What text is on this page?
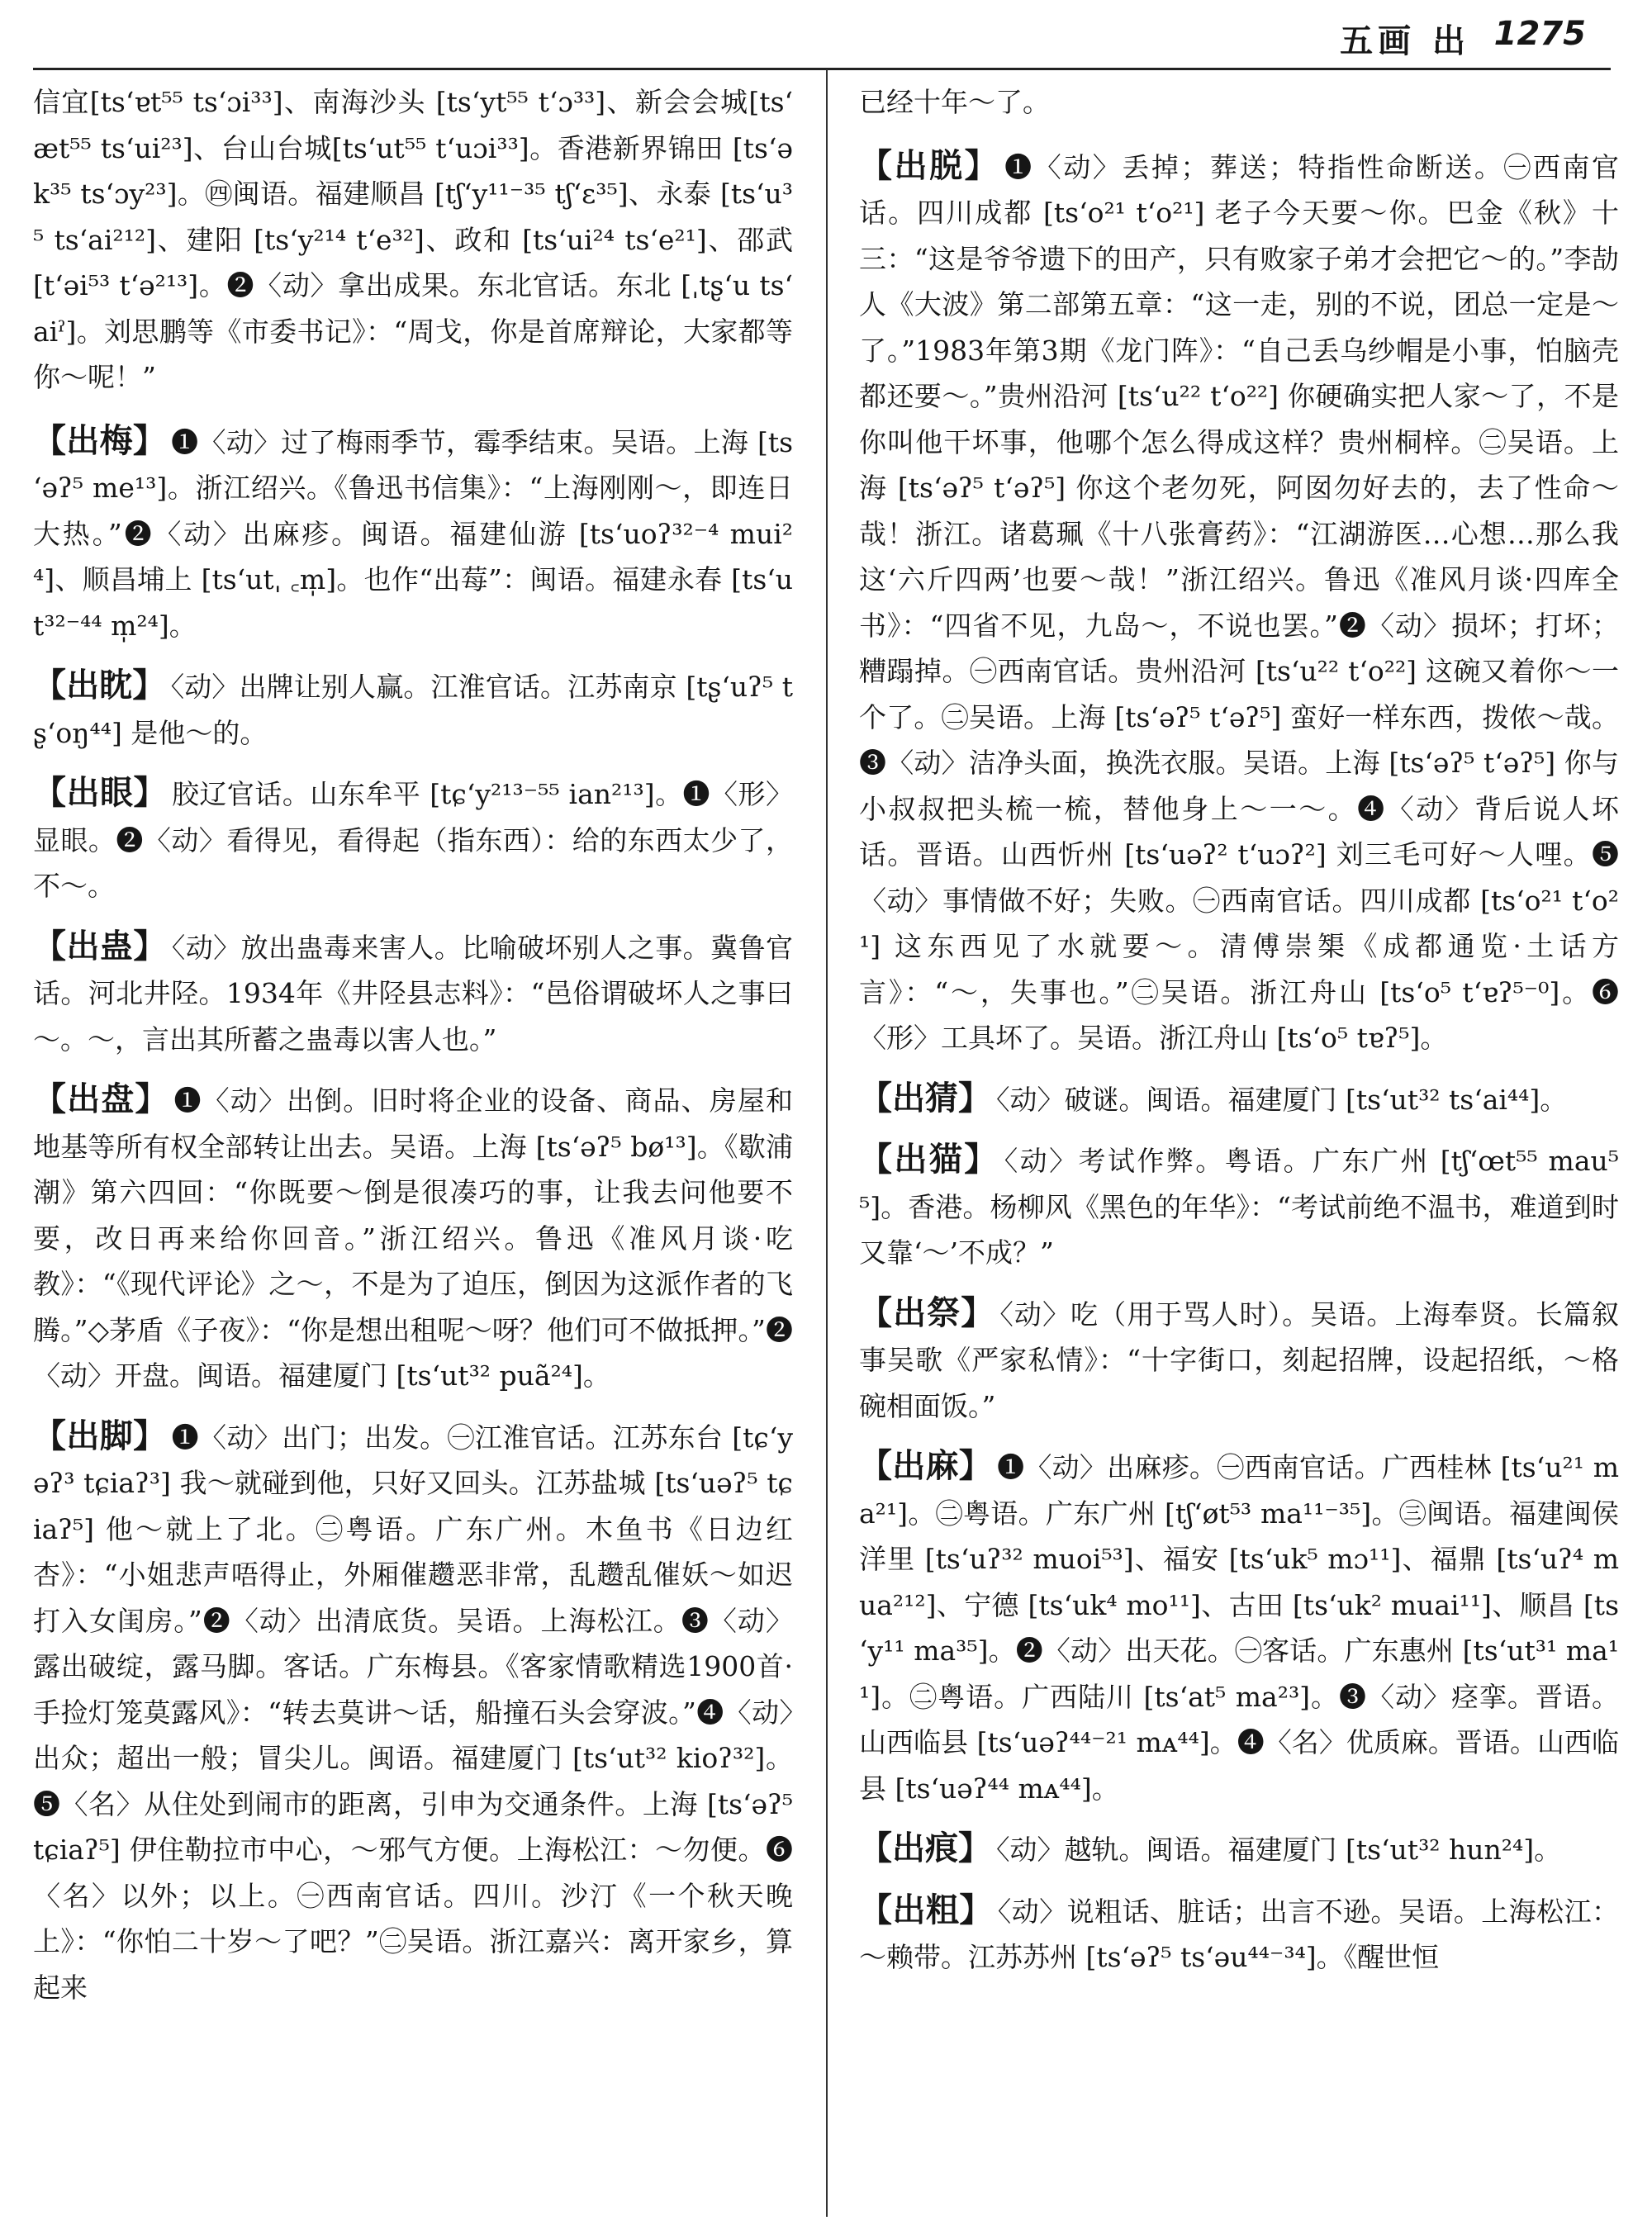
五画 出 1275

信宜[tsʻɐt⁵⁵ tsʻɔi³³]、南海沙头 [tsʻyt⁵⁵ tʻɔ³³]、新会会城[tsʻæt⁵⁵ tsʻui²³]、台山台城[tsʻut⁵⁵ tʻuɔi³³]。香港新界锦田 [tsʻək³⁵ tsʻɔy²³]。㊃闽语。福建顺昌 [tʃʻy¹¹⁻³⁵ tʃʻɛ³⁵]、永泰 [tsʻu³⁵ tsʻai²¹²]、建阳 [tsʻy²¹⁴ tʻe³²]、政和 [tsʻui²⁴ tsʻe²¹]、邵武 [tʻəi⁵³ tʻə²¹³]。❷〈动〉拿出成果。东北官话。东北 [ˌtʂʻu tsʻaiˀ]。刘思鹏等《市委书记》：“周戈，你是首席辩论，大家都等你～呢！”

【出梅】 ❶〈动〉过了梅雨季节，霉季结束。吴语。上海 [tsʻəʔ⁵ me¹³]。浙江绍兴。《鲁迅书信集》：“上海刚刚～，即连日大热。”❷〈动〉出麻疹。闽语。福建仙游 [tsʻuoʔ³²⁻⁴ mui²⁴]、顺昌埔上 [tsʻutˌ ꜀m̩]。也作“出莓”：闽语。福建永春 [tsʻut³²⁻⁴⁴ m̩²⁴]。

【出眈】 〈动〉出牌让别人赢。江淮官话。江苏南京 [tʂʻuʔ⁵ tʂʻoŋ⁴⁴] 是他～的。

【出眼】 胶辽官话。山东牟平 [tɕʻy²¹³⁻⁵⁵ ian²¹³]。❶〈形〉显眼。❷〈动〉看得见，看得起（指东西）：给的东西太少了，不～。

【出蛊】 〈动〉放出蛊毒来害人。比喻破坏别人之事。冀鲁官话。河北井陉。1934年《井陉县志料》：“邑俗谓破坏人之事曰～。～，言出其所蓄之蛊毒以害人也。”

【出盘】 ❶〈动〉出倒。旧时将企业的设备、商品、房屋和地基等所有权全部转让出去。吴语。上海 [tsʻəʔ⁵ bø¹³]。《歇浦潮》第六四回：“你既要～倒是很凑巧的事，让我去问他要不要，改日再来给你回音。”浙江绍兴。鲁迅《准风月谈·吃教》：“《现代评论》之～，不是为了迫压，倒因为这派作者的飞腾。”◇茅盾《子夜》：“你是想出租呢～呀？他们可不做抵押。”❷〈动〉开盘。闽语。福建厦门 [tsʻut³² puã²⁴]。

【出脚】 ❶〈动〉出门；出发。㊀江淮官话。江苏东台 [tɕʻyəʔ³ tɕiaʔ³] 我～就碰到他，只好又回头。江苏盐城 [tsʻuəʔ⁵ tɕiaʔ⁵] 他～就上了北。㊁粤语。广东广州。木鱼书《日边红杏》：“小姐悲声唔得止，外厢催趱恶非常，乱趱乱催妖～如迟打入女闺房。”❷〈动〉出清底货。吴语。上海松江。❸〈动〉露出破绽，露马脚。客话。广东梅县。《客家情歌精选1900首·手捡灯笼莫露风》：“转去莫讲～话，船撞石头会穿波。”❹〈动〉出众；超出一般；冒尖儿。闽语。福建厦门 [tsʻut³² kioʔ³²]。❺〈名〉从住处到闹市的距离，引申为交通条件。上海 [tsʻəʔ⁵ tɕiaʔ⁵] 伊住勒拉市中心，～邪气方便。上海松江：～勿便。❻〈名〉以外；以上。㊀西南官话。四川。沙汀《一个秋天晚上》：“你怕二十岁～了吧？”㊁吴语。浙江嘉兴：离开家乡，算起来

已经十年～了。

【出脱】 ❶〈动〉丢掉；葬送；特指性命断送。㊀西南官话。四川成都 [tsʻo²¹ tʻo²¹] 老子今天要～你。巴金《秋》十三：“这是爷爷遗下的田产，只有败家子弟才会把它～的。”李劼人《大波》第二部第五章：“这一走，别的不说，团总一定是～了。”1983年第3期《龙门阵》：“自己丢乌纱帽是小事，怕脑壳都还要～。”贵州沿河 [tsʻu²² tʻo²²] 你硬确实把人家～了，不是你叫他干坏事，他哪个怎么得成这样？贵州桐梓。㊁吴语。上海 [tsʻəʔ⁵ tʻəʔ⁵] 你这个老勿死，阿囡勿好去的，去了性命～哉！浙江。诸葛珮《十八张膏药》：“江湖游医…心想…那么我这‘六斤四两’也要～哉！”浙江绍兴。鲁迅《准风月谈·四库全书》：“四省不见，九岛～，不说也罢。”❷〈动〉损坏；打坏；糟蹋掉。㊀西南官话。贵州沿河 [tsʻu²² tʻo²²] 这碗又着你～一个了。㊁吴语。上海 [tsʻəʔ⁵ tʻəʔ⁵] 蛮好一样东西，拨侬～哉。❸〈动〉洁净头面，换洗衣服。吴语。上海 [tsʻəʔ⁵ tʻəʔ⁵] 你与小叔叔把头梳一梳，替他身上～一～。❹〈动〉背后说人坏话。晋语。山西忻州 [tsʻuəʔ² tʻuɔʔ²] 刘三毛可好～人哩。❺〈动〉事情做不好；失败。㊀西南官话。四川成都 [tsʻo²¹ tʻo²¹] 这东西见了水就要～。清傅崇榘《成都通览·土话方言》：“～，失事也。”㊁吴语。浙江舟山 [tsʻo⁵ tʻɐʔ⁵⁻⁰]。❻〈形〉工具坏了。吴语。浙江舟山 [tsʻo⁵ tɐʔ⁵]。

【出猜】 〈动〉破谜。闽语。福建厦门 [tsʻut³² tsʻai⁴⁴]。

【出猫】 〈动〉考试作弊。粤语。广东广州 [tʃʻœt⁵⁵ mau⁵⁵]。香港。杨柳风《黑色的年华》：“考试前绝不温书，难道到时又靠‘～’不成？”

【出祭】 〈动〉吃（用于骂人时）。吴语。上海奉贤。长篇叙事吴歌《严家私情》：“十字街口，刻起招牌，设起招纸，～格碗相面饭。”

【出麻】 ❶〈动〉出麻疹。㊀西南官话。广西桂林 [tsʻu²¹ ma²¹]。㊁粤语。广东广州 [tʃʻøt⁵³ ma¹¹⁻³⁵]。㊂闽语。福建闽侯洋里 [tsʻuʔ³² muoi⁵³]、福安 [tsʻuk⁵ mɔ¹¹]、福鼎 [tsʻuʔ⁴ mua²¹²]、宁德 [tsʻuk⁴ mo¹¹]、古田 [tsʻuk² muai¹¹]、顺昌 [tsʻy¹¹ ma³⁵]。❷〈动〉出天花。㊀客话。广东惠州 [tsʻut³¹ ma¹¹]。㊁粤语。广西陆川 [tsʻat⁵ ma²³]。❸〈动〉痉挛。晋语。山西临县 [tsʻuəʔ⁴⁴⁻²¹ mᴀ⁴⁴]。❹〈名〉优质麻。晋语。山西临县 [tsʻuəʔ⁴⁴ mᴀ⁴⁴]。

【出痕】 〈动〉越轨。闽语。福建厦门 [tsʻut³² hun²⁴]。

【出粗】 〈动〉说粗话、脏话；出言不逊。吴语。上海松江：～赖带。江苏苏州 [tsʻəʔ⁵ tsʻəu⁴⁴⁻³⁴]。《醒世恒
